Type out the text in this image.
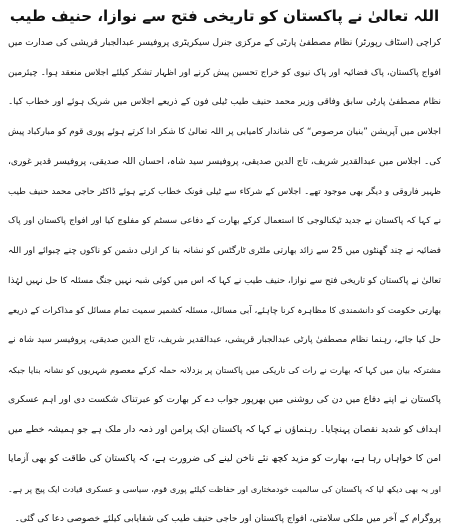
اللہ تعالیٰ نے پاکستان کو تاریخی فتح سے نوازا، حنیف طیب
کراچی (اسٹاف رپورٹر) نظام مصطفیٰ پارٹی کے مرکزی جنرل سیکریٹری پروفیسر عبدالجبار قریشی کی صدارت میں
افواج پاکستان، پاک فضائیہ اور پاک نیوی کو خراج تحسین پیش کرنے اور اظہار تشکر کیلئے اجلاس منعقد ہوا۔ چیئرمین
نظام مصطفیٰ پارٹی سابق وفاقی وزیر محمد حنیف طیب ٹیلی فون کے ذریعے اجلاس میں شریک ہوئے اور خطاب کیا۔
اجلاس میں آپریشن ”بنیان مرصوص“ کی شاندار کامیابی پر اللہ تعالیٰ کا شکر ادا کرتے ہوئے پوری قوم کو مبارکباد پیش
کی۔ اجلاس میں عبدالقدیر شریف، تاج الدین صدیقی، پروفیسر سید شاہ، احسان اللہ صدیقی، پروفیسر قدیر غوری،
ظہیر فاروقی و دیگر بھی موجود تھے۔ اجلاس کے شرکاء سے ٹیلی فونک خطاب کرتے ہوئے ڈاکٹر حاجی محمد حنیف طیب
نے کہا کہ پاکستان نے جدید ٹیکنالوجی کا استعمال کرکے بھارت کے دفاعی سسٹم کو مفلوج کیا اور افواج پاکستان اور پاک
فضائیہ نے چند گھنٹوں میں 25 سے زائد بھارتی ملٹری ٹارگٹس کو نشانہ بنا کر ازلی دشمن کو ناکوں چنے چبوائے اور اللہ
تعالیٰ نے پاکستان کو تاریخی فتح سے نوازا، حنیف طیب نے کہا کہ اس میں کوئی شبہ نہیں جنگ مسئلہ کا حل نہیں لہٰذا
بھارتی حکومت کو دانشمندی کا مظاہرہ کرنا چاہئے، آبی مسائل، مسئلہ کشمیر سمیت تمام مسائل کو مذاکرات کے ذریعے
حل کیا جائے، رہنما نظام مصطفیٰ پارٹی عبدالجبار قریشی، عبدالقدیر شریف، تاج الدین صدیقی، پروفیسر سید شاہ نے
مشترکہ بیان میں کہا کہ بھارت نے رات کی تاریکی میں پاکستان پر بزدلانہ حملہ کرکے معصوم شہریوں کو نشانہ بنایا جبکہ
پاکستان نے اپنے دفاع میں دن کی روشنی میں بھرپور جواب دے کر بھارت کو عبرتناک شکست دی اور اہم عسکری
اہداف کو شدید نقصان پہنچایا۔ رہنماؤں نے کہا کہ پاکستان ایک پرامن اور ذمہ دار ملک ہے جو ہمیشہ خطے میں
امن کا خواہاں رہا ہے، بھارت کو مزید کچھ نئے ناخن لینے کی ضرورت ہے، کہ پاکستان کی طاقت کو بھی آزمایا
اور یہ بھی دیکھ لیا کہ پاکستان کی سالمیت خودمختاری اور حفاظت کیلئے پوری قوم، سیاسی و عسکری قیادت ایک پیج پر ہے۔
پروگرام کے آخر میں ملکی سلامتی، افواج پاکستان اور حاجی حنیف طیب کی شفایابی کیلئے خصوصی دعا کی گئی۔
